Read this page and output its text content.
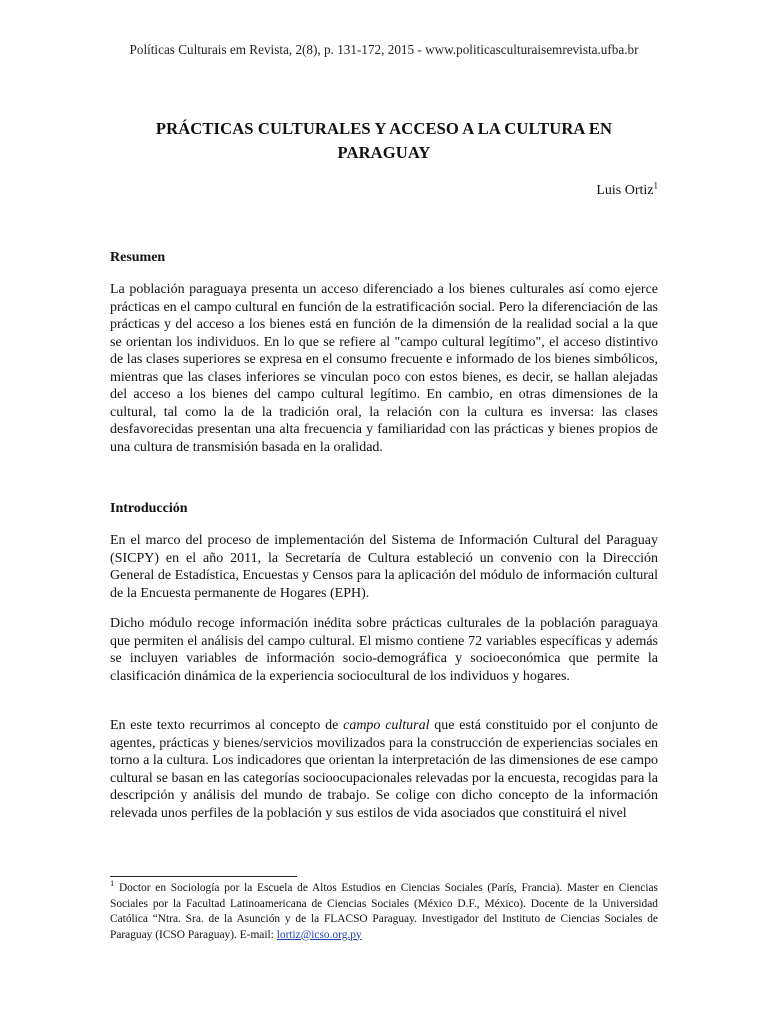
Políticas Culturais em Revista, 2(8), p. 131-172, 2015 - www.politicasculturaisemrevista.ufba.br
PRÁCTICAS CULTURALES Y ACCESO A LA CULTURA EN PARAGUAY
Luis Ortiz$^1$
Resumen

La población paraguaya presenta un acceso diferenciado a los bienes culturales así como ejerce prácticas en el campo cultural en función de la estratificación social. Pero la diferenciación de las prácticas y del acceso a los bienes está en función de la dimensión de la realidad social a la que se orientan los individuos. En lo que se refiere al "campo cultural legítimo", el acceso distintivo de las clases superiores se expresa en el consumo frecuente e informado de los bienes simbólicos, mientras que las clases inferiores se vinculan poco con estos bienes, es decir, se hallan alejadas del acceso a los bienes del campo cultural legítimo. En cambio, en otras dimensiones de la cultural, tal como la de la tradición oral, la relación con la cultura es inversa: las clases desfavorecidas presentan una alta frecuencia y familiaridad con las prácticas y bienes propios de una cultura de transmisión basada en la oralidad.

Introducción

En el marco del proceso de implementación del Sistema de Información Cultural del Paraguay (SICPY) en el año 2011, la Secretaría de Cultura estableció un convenio con la Dirección General de Estadística, Encuestas y Censos para la aplicación del módulo de información cultural de la Encuesta permanente de Hogares (EPH).

Dicho módulo recoge información inédita sobre prácticas culturales de la población paraguaya que permiten el análisis del campo cultural. El mismo contiene 72 variables específicas y además se incluyen variables de información socio-demográfica y socioeconómica que permite la clasificación dinámica de la experiencia sociocultural de los individuos y hogares.

En este texto recurrimos al concepto de campo cultural que está constituido por el conjunto de agentes, prácticas y bienes/servicios movilizados para la construcción de experiencias sociales en torno a la cultura. Los indicadores que orientan la interpretación de las dimensiones de ese campo cultural se basan en las categorías socioocupacionales relevadas por la encuesta, recogidas para la descripción y análisis del mundo de trabajo. Se colige con dicho concepto de la información relevada unos perfiles de la población y sus estilos de vida asociados que constituirá el nivel

$^1$ Doctor en Sociología por la Escuela de Altos Estudios en Ciencias Sociales (París, Francia). Master en Ciencias Sociales por la Facultad Latinoamericana de Ciencias Sociales (México D.F., México). Docente de la Universidad Católica “Ntra. Sra. de la Asunción y de la FLACSO Paraguay. Investigador del Instituto de Ciencias Sociales de Paraguay (ICSO Paraguay). E-mail: lortiz@icso.org.py
